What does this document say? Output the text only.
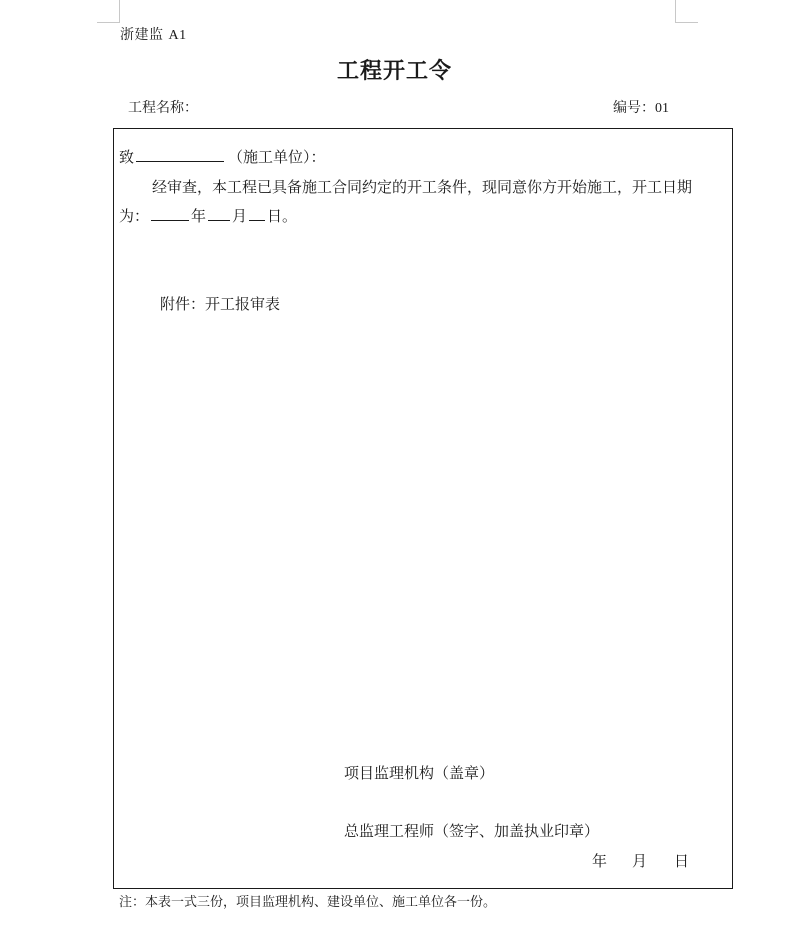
浙建监 A1
工程开工令
工程名称：	编号：01
致	（施工单位）：
经审查，本工程已具备施工合同约定的开工条件，现同意你方开始施工，开工日期
为：	年 月 日。
附件：开工报审表
项目监理机构（盖章）
总监理工程师（签字、加盖执业印章）
年 月 日
注：本表一式三份，项目监理机构、建设单位、施工单位各一份。
